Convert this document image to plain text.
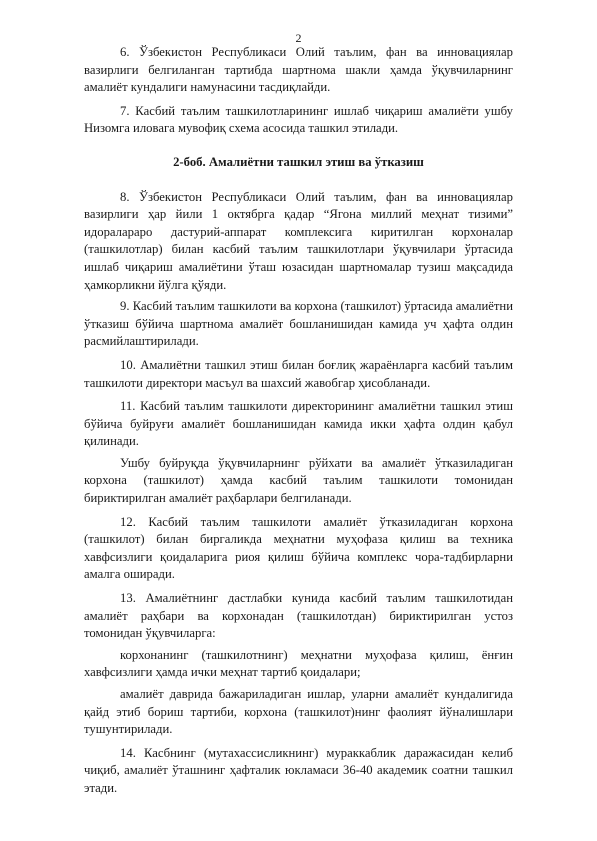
2

6. Ўзбекистон Республикаси Олий таълим, фан ва инновациялар вазирлиги белгиланган тартибда шартнома шакли ҳамда ўқувчиларнинг амалиёт кундалиги намунасини тасдиқлайди.

7. Касбий таълим ташкилотларининг ишлаб чиқариш амалиёти ушбу Низомга иловага мувофиқ схема асосида ташкил этилади.

2-боб. Амалиётни ташкил этиш ва ўтказиш

8. Ўзбекистон Республикаси Олий таълим, фан ва инновациялар вазирлиги ҳар йили 1 октябрга қадар “Ягона миллий меҳнат тизими” идоралараро дастурий-аппарат комплексига киритилган корхоналар (ташкилотлар) билан касбий таълим ташкилотлари ўқувчилари ўртасида ишлаб чиқариш амалиётини ўташ юзасидан шартномалар тузиш мақсадида ҳамкорликни йўлга қўяди.

9. Касбий таълим ташкилоти ва корхона (ташкилот) ўртасида амалиётни ўтказиш бўйича шартнома амалиёт бошланишидан камида уч ҳафта олдин расмийлаштирилади.

10. Амалиётни ташкил этиш билан боғлиқ жараёнларга касбий таълим ташкилоти директори масъул ва шахсий жавобгар ҳисобланади.

11. Касбий таълим ташкилоти директорининг амалиётни ташкил этиш бўйича буйруғи амалиёт бошланишидан камида икки ҳафта олдин қабул қилинади.

Ушбу буйруқда ўқувчиларнинг рўйхати ва амалиёт ўтказиладиган корхона (ташкилот) ҳамда касбий таълим ташкилоти томонидан бириктирилган амалиёт раҳбарлари белгиланади.

12. Касбий таълим ташкилоти амалиёт ўтказиладиган корхона (ташкилот) билан биргаликда меҳнатни муҳофаза қилиш ва техника хавфсизлиги қоидаларига риоя қилиш бўйича комплекс чора-тадбирларни амалга оширади.

13. Амалиётнинг дастлабки кунида касбий таълим ташкилотидан амалиёт раҳбари ва корхонадан (ташкилотдан) бириктирилган устоз томонидан ўқувчиларга:

корхонанинг (ташкилотнинг) меҳнатни муҳофаза қилиш, ёнғин хавфсизлиги ҳамда ички меҳнат тартиб қоидалари;

амалиёт даврида бажариладиган ишлар, уларни амалиёт кундалигида қайд этиб бориш тартиби, корхона (ташкилот)нинг фаолият йўналишлари тушунтирилади.

14. Касбнинг (мутахассисликнинг) мураккаблик даражасидан келиб чиқиб, амалиёт ўташнинг ҳафталик юкламаси 36-40 академик соатни ташкил этади.
